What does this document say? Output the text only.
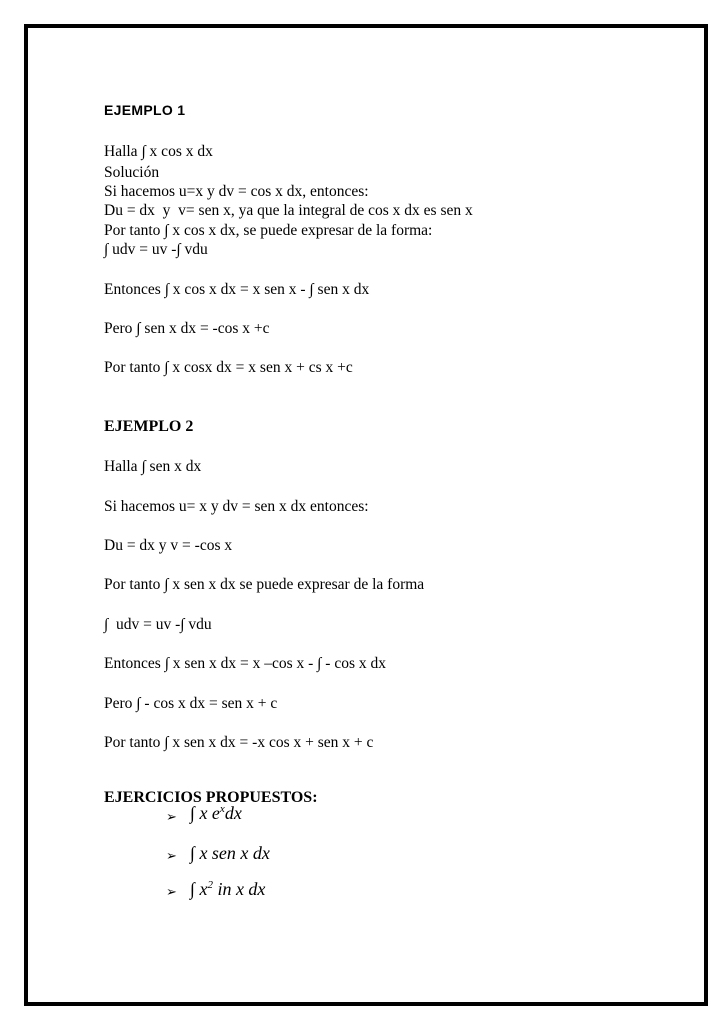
EJEMPLO 1

Halla ∫ x cos x dx

Solución

Si hacemos u=x y dv = cos x dx, entonces:

Du = dx  y  v= sen x, ya que la integral de cos x dx es sen x

Por tanto ∫ x cos x dx, se puede expresar de la forma:

∫ udv = uv -∫ vdu

Entonces ∫ x cos x dx = x sen x - ∫ sen x dx

Pero ∫ sen x dx = -cos x +c

Por tanto ∫ x cosx dx = x sen x + cs x +c

EJEMPLO 2

Halla ∫ sen x dx

Si hacemos u= x y dv = sen x dx entonces:

Du = dx y v = -cos x

Por tanto ∫ x sen x dx se puede expresar de la forma

∫  udv = uv -∫ vdu

Entonces ∫ x sen x dx = x –cos x - ∫ - cos x dx

Pero ∫ - cos x dx = sen x + c

Por tanto ∫ x sen x dx = -x cos x + sen x + c

EJERCICIOS PROPUESTOS:

➢ ∫ x $e^xdx$
➢ ∫ x sen x dx
➢ ∫ $x^2$ in x dx
